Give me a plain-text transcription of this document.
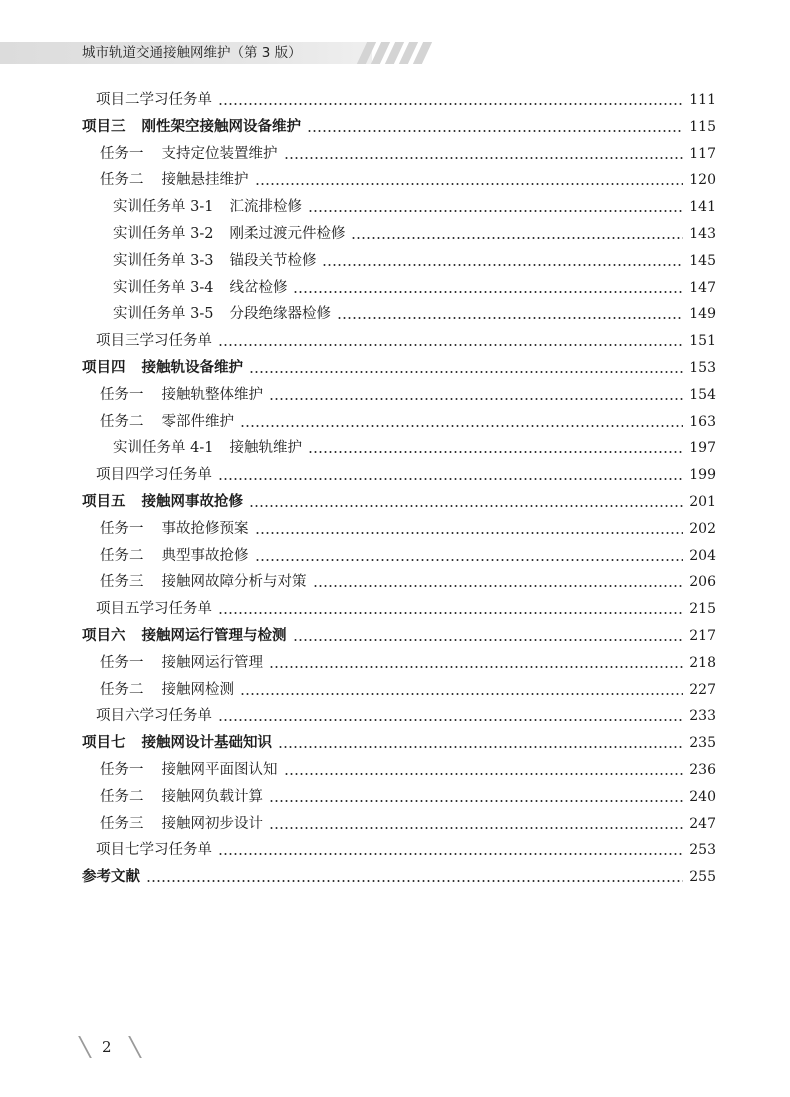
城市轨道交通接触网维护（第 3 版）
项目二学习任务单	111
项目三 刚性架空接触网设备维护	115
任务一 支持定位装置维护	117
任务二 接触悬挂维护	120
实训任务单 3-1 汇流排检修	141
实训任务单 3-2 刚柔过渡元件检修	143
实训任务单 3-3 锚段关节检修	145
实训任务单 3-4 线岔检修	147
实训任务单 3-5 分段绝缘器检修	149
项目三学习任务单	151
项目四 接触轨设备维护	153
任务一 接触轨整体维护	154
任务二 零部件维护	163
实训任务单 4-1 接触轨维护	197
项目四学习任务单	199
项目五 接触网事故抢修	201
任务一 事故抢修预案	202
任务二 典型事故抢修	204
任务三 接触网故障分析与对策	206
项目五学习任务单	215
项目六 接触网运行管理与检测	217
任务一 接触网运行管理	218
任务二 接触网检测	227
项目六学习任务单	233
项目七 接触网设计基础知识	235
任务一 接触网平面图认知	236
任务二 接触网负载计算	240
任务三 接触网初步设计	247
项目七学习任务单	253
参考文献	255
2
